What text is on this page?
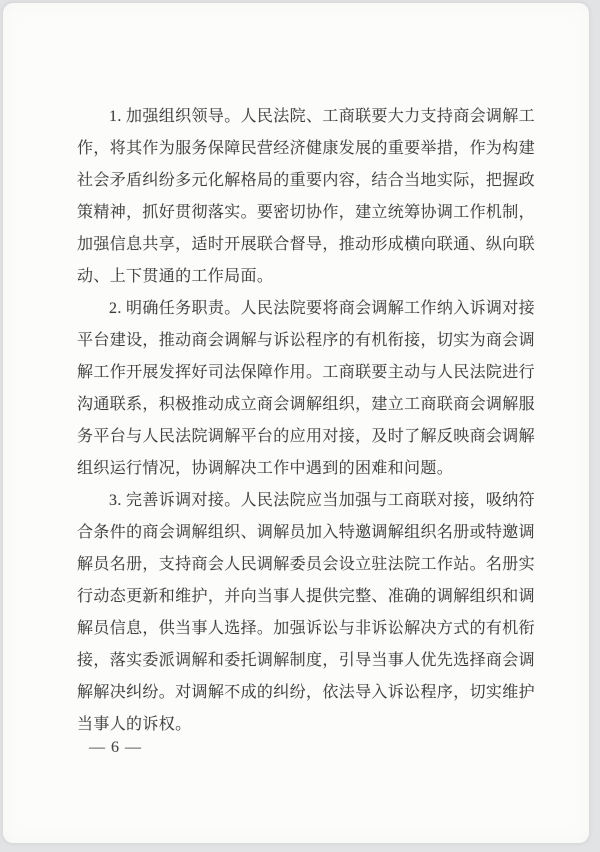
1. 加强组织领导。人民法院、工商联要大力支持商会调解工作，将其作为服务保障民营经济健康发展的重要举措，作为构建社会矛盾纠纷多元化解格局的重要内容，结合当地实际，把握政策精神，抓好贯彻落实。要密切协作，建立统筹协调工作机制，加强信息共享，适时开展联合督导，推动形成横向联通、纵向联动、上下贯通的工作局面。

2. 明确任务职责。人民法院要将商会调解工作纳入诉调对接平台建设，推动商会调解与诉讼程序的有机衔接，切实为商会调解工作开展发挥好司法保障作用。工商联要主动与人民法院进行沟通联系，积极推动成立商会调解组织，建立工商联商会调解服务平台与人民法院调解平台的应用对接，及时了解反映商会调解组织运行情况，协调解决工作中遇到的困难和问题。

3. 完善诉调对接。人民法院应当加强与工商联对接，吸纳符合条件的商会调解组织、调解员加入特邀调解组织名册或特邀调解员名册，支持商会人民调解委员会设立驻法院工作站。名册实行动态更新和维护，并向当事人提供完整、准确的调解组织和调解员信息，供当事人选择。加强诉讼与非诉讼解决方式的有机衔接，落实委派调解和委托调解制度，引导当事人优先选择商会调解解决纠纷。对调解不成的纠纷，依法导入诉讼程序，切实维护当事人的诉权。

— 6 —
